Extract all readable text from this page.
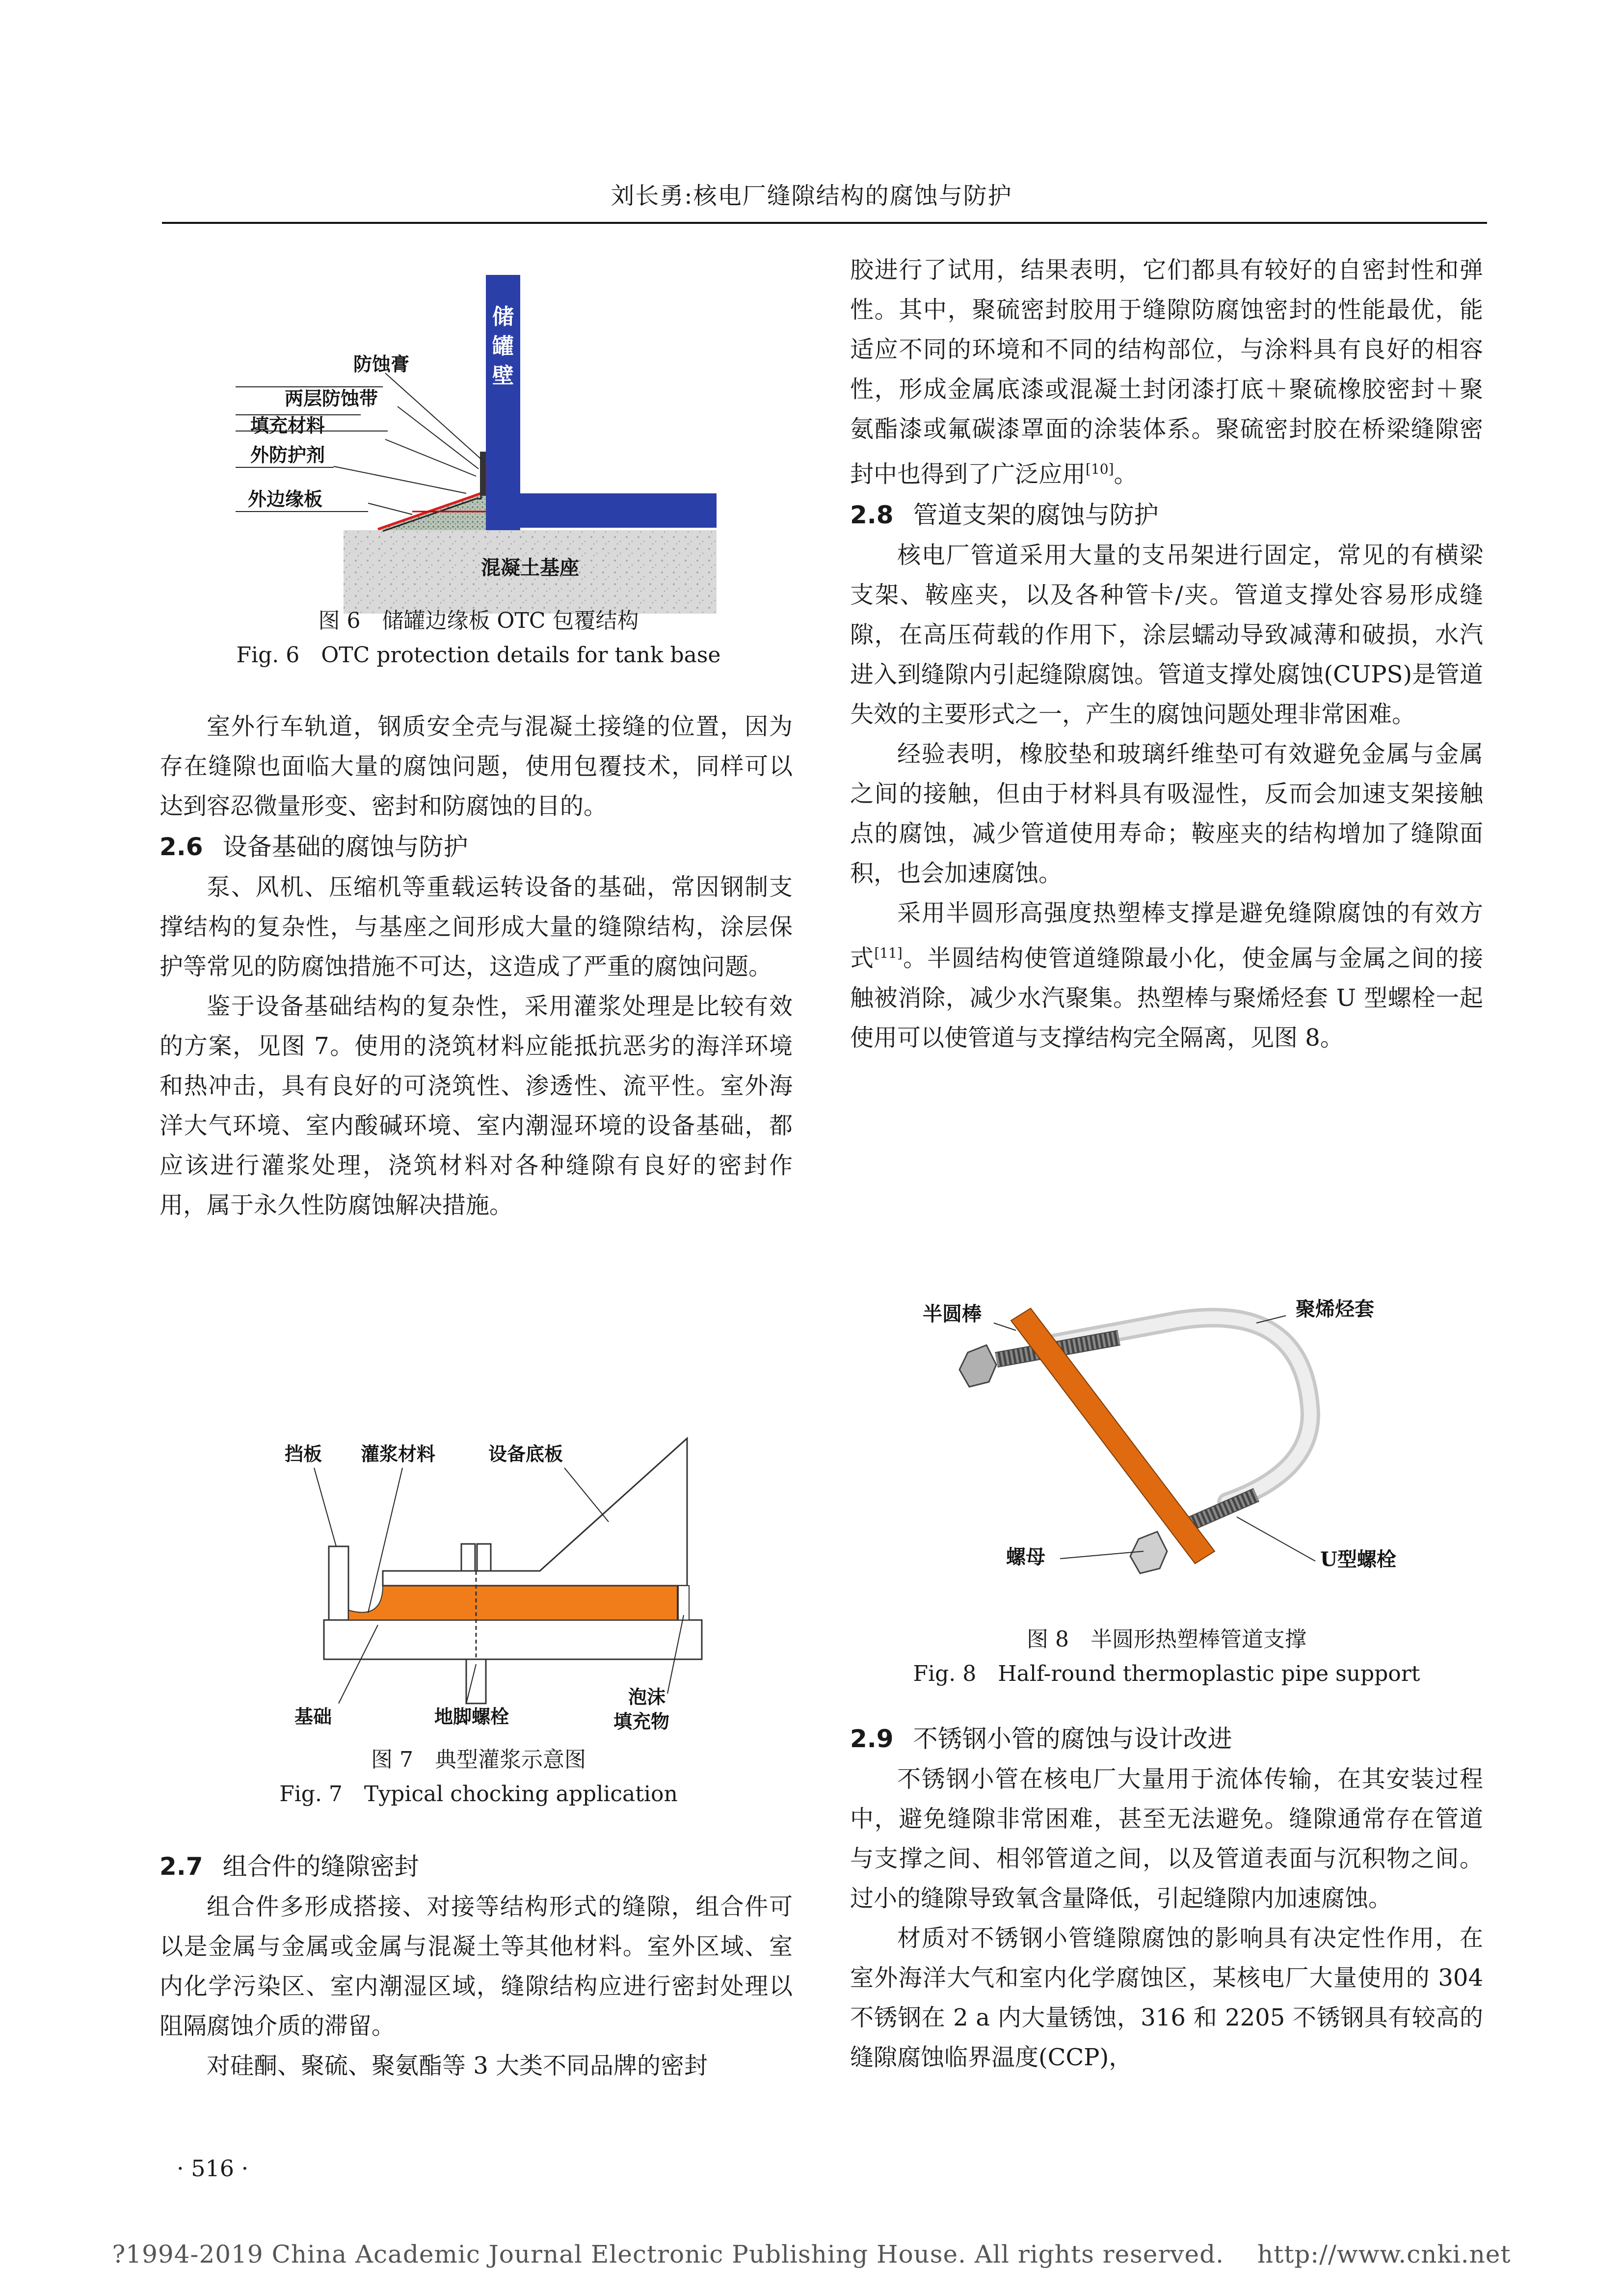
刘长勇:核电厂缝隙结构的腐蚀与防护
储
罐
壁
储罐内部
防蚀膏
两层防蚀带
填充材料
外防护剂
外边缘板
混凝土基座

图 6　储罐边缘板 OTC 包覆结构

Fig. 6　OTC protection details for tank base

室外行车轨道，钢质安全壳与混凝土接缝的位置，因为存在缝隙也面临大量的腐蚀问题，使用包覆技术，同样可以达到容忍微量形变、密封和防腐蚀的目的。

2.6 设备基础的腐蚀与防护

泵、风机、压缩机等重载运转设备的基础，常因钢制支撑结构的复杂性，与基座之间形成大量的缝隙结构，涂层保护等常见的防腐蚀措施不可达，这造成了严重的腐蚀问题。

鉴于设备基础结构的复杂性，采用灌浆处理是比较有效的方案，见图 7。使用的浇筑材料应能抵抗恶劣的海洋环境和热冲击，具有良好的可浇筑性、渗透性、流平性。室外海洋大气环境、室内酸碱环境、室内潮湿环境的设备基础，都应该进行灌浆处理，浇筑材料对各种缝隙有良好的密封作用，属于永久性防腐蚀解决措施。

挡板 灌浆材料	设备底板
基础	地脚螺栓
泡沫
填充物

图 7　典型灌浆示意图

Fig. 7　Typical chocking application

2.7 组合件的缝隙密封

组合件多形成搭接、对接等结构形式的缝隙，组合件可以是金属与金属或金属与混凝土等其他材料。室外区域、室内化学污染区、室内潮湿区域，缝隙结构应进行密封处理以阻隔腐蚀介质的滞留。

对硅酮、聚硫、聚氨酯等 3 大类不同品牌的密封

胶进行了试用，结果表明，它们都具有较好的自密封性和弹性。其中，聚硫密封胶用于缝隙防腐蚀密封的性能最优，能适应不同的环境和不同的结构部位，与涂料具有良好的相容性，形成金属底漆或混凝土封闭漆打底＋聚硫橡胶密封＋聚氨酯漆或氟碳漆罩面的涂装体系。聚硫密封胶在桥梁缝隙密封中也得到了广泛应用[10]。

2.8 管道支架的腐蚀与防护

核电厂管道采用大量的支吊架进行固定，常见的有横梁支架、鞍座夹，以及各种管卡/夹。管道支撑处容易形成缝隙，在高压荷载的作用下，涂层蠕动导致减薄和破损，水汽进入到缝隙内引起缝隙腐蚀。管道支撑处腐蚀(CUPS)是管道失效的主要形式之一，产生的腐蚀问题处理非常困难。

经验表明，橡胶垫和玻璃纤维垫可有效避免金属与金属之间的接触，但由于材料具有吸湿性，反而会加速支架接触点的腐蚀，减少管道使用寿命；鞍座夹的结构增加了缝隙面积，也会加速腐蚀。

采用半圆形高强度热塑棒支撑是避免缝隙腐蚀的有效方式[11]。半圆结构使管道缝隙最小化，使金属与金属之间的接触被消除，减少水汽聚集。热塑棒与聚烯烃套 U 型螺栓一起使用可以使管道与支撑结构完全隔离，见图 8。

半圆棒	聚烯烃套
螺母	U型螺栓

图 8　半圆形热塑棒管道支撑

Fig. 8　Half-round thermoplastic pipe support

2.9 不锈钢小管的腐蚀与设计改进

不锈钢小管在核电厂大量用于流体传输，在其安装过程中，避免缝隙非常困难，甚至无法避免。缝隙通常存在管道与支撑之间、相邻管道之间，以及管道表面与沉积物之间。过小的缝隙导致氧含量降低，引起缝隙内加速腐蚀。

材质对不锈钢小管缝隙腐蚀的影响具有决定性作用，在室外海洋大气和室内化学腐蚀区，某核电厂大量使用的 304 不锈钢在 2 a 内大量锈蚀，316 和 2205 不锈钢具有较高的缝隙腐蚀临界温度(CCP)，

· 516 ·
?1994-2019 China Academic Journal Electronic Publishing House. All rights reserved.　 http://www.cnki.net
